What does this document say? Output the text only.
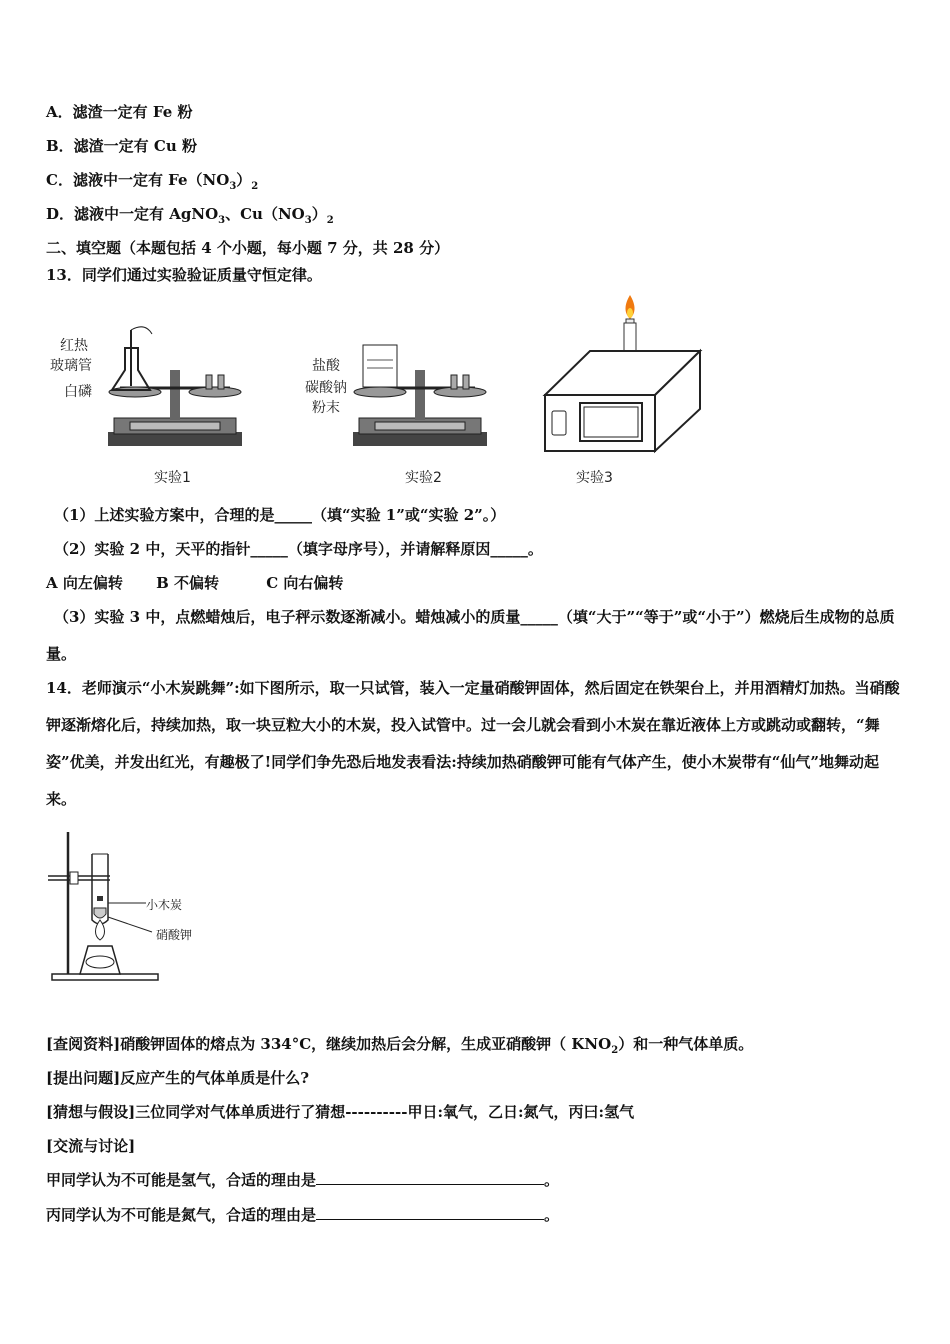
A．滤渣一定有 Fe 粉
B．滤渣一定有 Cu 粉
C．滤液中一定有 $Fe(NO_3)_2$
D．滤液中一定有 AgNO$_3$、$Cu(NO_3)_2$
二、填空题（本题包括 4 个小题，每小题 7 分，共 28 分）
13．同学们通过实验验证质量守恒定律。
红热
玻璃管
白磷
实验1
盐酸
碳酸钠
粉末
实验2	实验3
（1）上述实验方案中，合理的是_____（填“实验 1”或“实验 2”。）
（2）实验 2 中，天平的指针_____（填字母序号），并请解释原因_____。
A 向左偏转 B 不偏转	C 向右偏转
（3）实验 3 中，点燃蜡烛后，电子秤示数逐渐减小。蜡烛减小的质量_____（填“大于”“等于”或“小于”）燃烧后生成物的总质量。
14．老师演示“小木炭跳舞”:如下图所示，取一只试管，装入一定量硝酸钾固体，然后固定在铁架台上，并用酒精灯加热。当硝酸钾逐渐熔化后，持续加热，取一块豆粒大小的木炭，投入试管中。过一会儿就会看到小木炭在靠近液体上方或跳动或翻转，“舞姿”优美，并发出红光，有趣极了!同学们争先恐后地发表看法:持续加热硝酸钾可能有气体产生，使小木炭带有“仙气”地舞动起来。
小木炭
硝酸钾
[查阅资料]硝酸钾固体的熔点为 334°C，继续加热后会分解，生成亚硝酸钾（ $KNO_2$）和一种气体单质。
[提出问题]反应产生的气体单质是什么?
[猜想与假设]三位同学对气体单质进行了猜想----------甲日:氧气，乙日:氮气，丙曰:氢气
[交流与讨论]
甲同学认为不可能是氢气，合适的理由是	。
丙同学认为不可能是氮气，合适的理由是	。
